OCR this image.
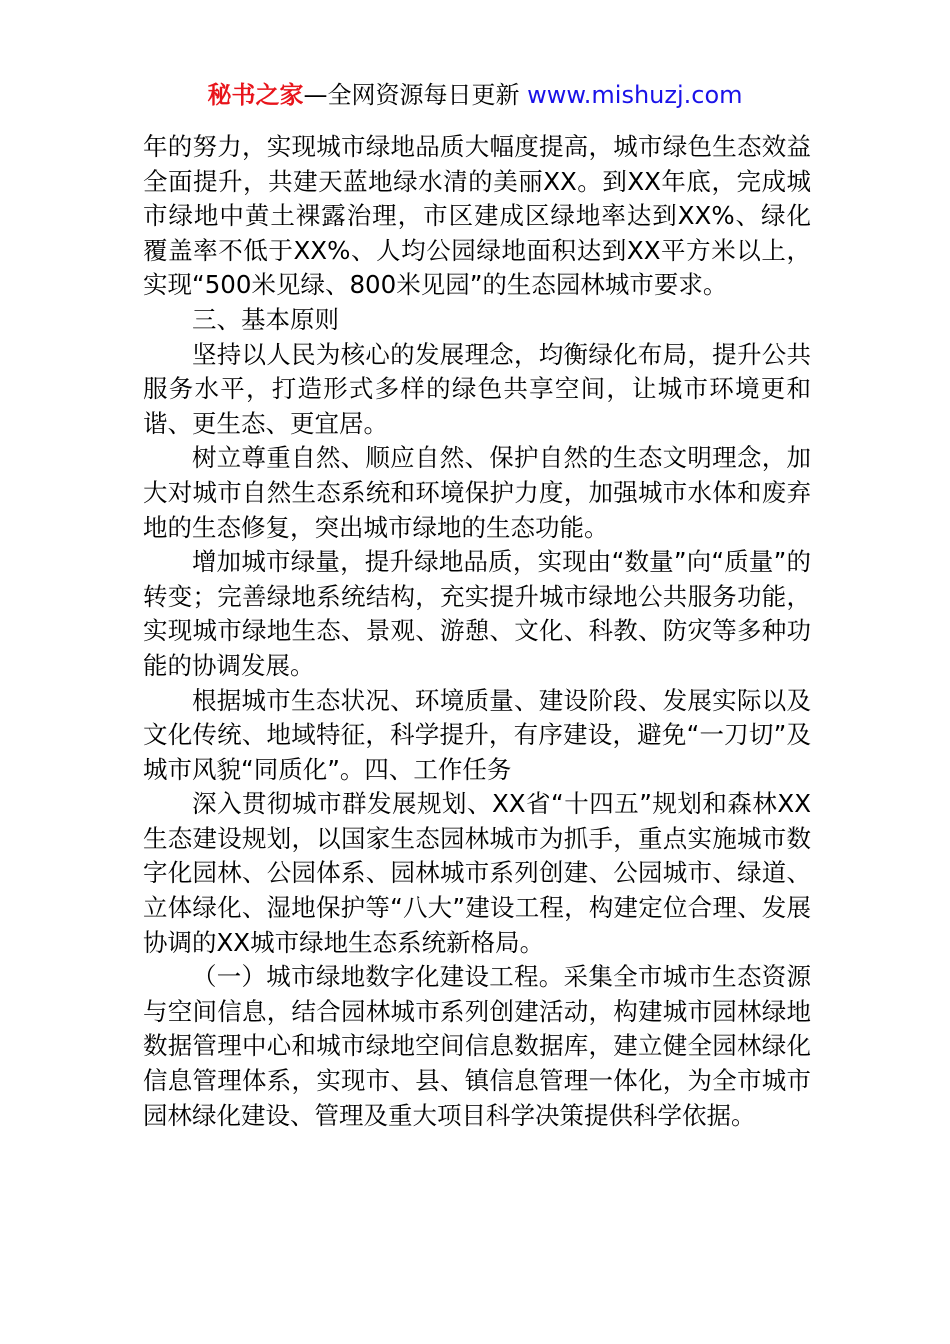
秘书之家—全网资源每日更新 www.mishuzj.com

年的努力，实现城市绿地品质大幅度提高，城市绿色生态效益全面提升，共建天蓝地绿水清的美丽XX。到XX年底，完成城市绿地中黄土裸露治理，市区建成区绿地率达到XX%、绿化覆盖率不低于XX%、人均公园绿地面积达到XX平方米以上，实现“500米见绿、800米见园”的生态园林城市要求。

三、基本原则

坚持以人民为核心的发展理念，均衡绿化布局，提升公共服务水平，打造形式多样的绿色共享空间，让城市环境更和谐、更生态、更宜居。

树立尊重自然、顺应自然、保护自然的生态文明理念，加大对城市自然生态系统和环境保护力度，加强城市水体和废弃地的生态修复，突出城市绿地的生态功能。

增加城市绿量，提升绿地品质，实现由“数量”向“质量”的转变；完善绿地系统结构，充实提升城市绿地公共服务功能，实现城市绿地生态、景观、游憩、文化、科教、防灾等多种功能的协调发展。

根据城市生态状况、环境质量、建设阶段、发展实际以及文化传统、地域特征，科学提升，有序建设，避免“一刀切”及城市风貌“同质化”。四、工作任务

深入贯彻城市群发展规划、XX省“十四五”规划和森林XX生态建设规划，以国家生态园林城市为抓手，重点实施城市数字化园林、公园体系、园林城市系列创建、公园城市、绿道、立体绿化、湿地保护等“八大”建设工程，构建定位合理、发展协调的XX城市绿地生态系统新格局。

（一）城市绿地数字化建设工程。采集全市城市生态资源与空间信息，结合园林城市系列创建活动，构建城市园林绿地数据管理中心和城市绿地空间信息数据库，建立健全园林绿化信息管理体系，实现市、县、镇信息管理一体化，为全市城市园林绿化建设、管理及重大项目科学决策提供科学依据。
